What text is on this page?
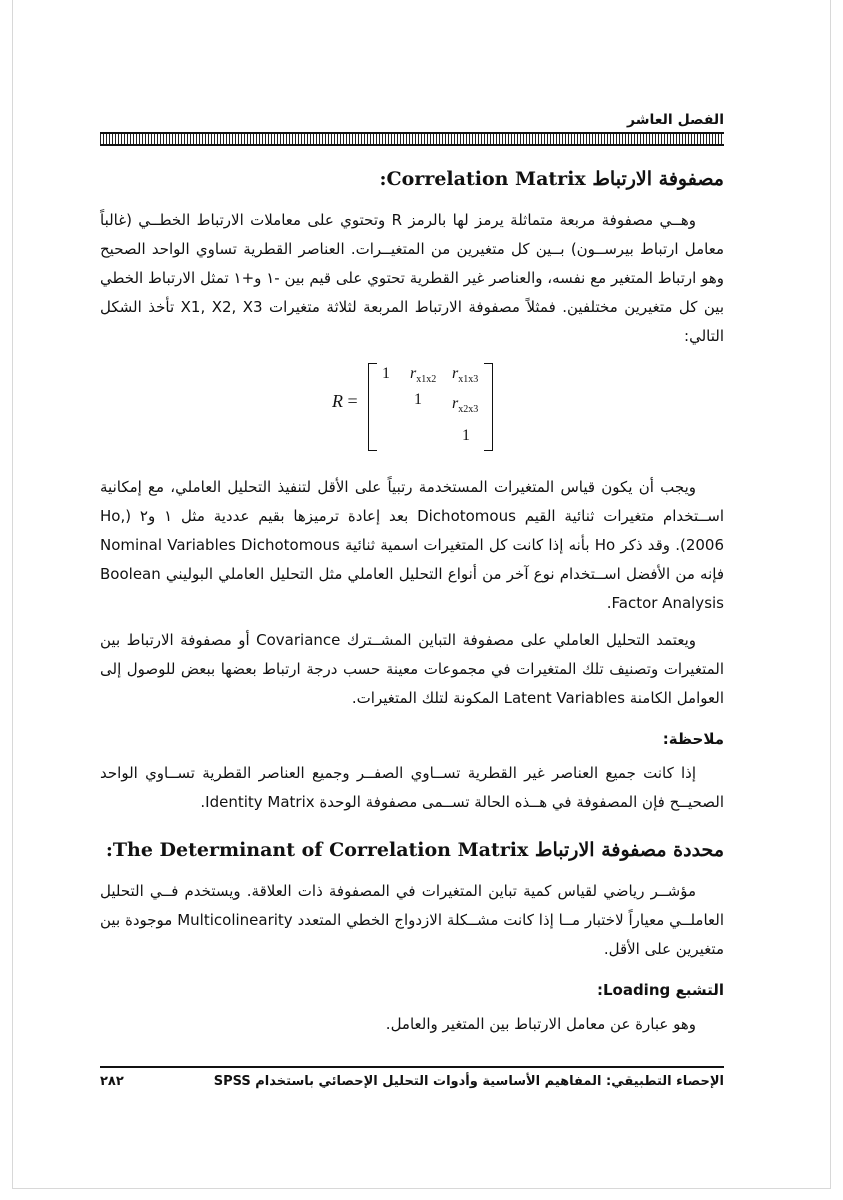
الفصل العاشر
مصفوفة الارتباط Correlation Matrix:

وهــي مصفوفة مربعة متماثلة يرمز لها بالرمز R وتحتوي على معاملات الارتباط الخطــي (غالباً معامل ارتباط بيرســون) بــين كل متغيرين من المتغيــرات. العناصر القطرية تساوي الواحد الصحيح وهو ارتباط المتغير مع نفسه، والعناصر غير القطرية تحتوي على قيم بين -١ و+١ تمثل الارتباط الخطي بين كل متغيرين مختلفين. فمثلاً مصفوفة الارتباط المربعة لثلاثة متغيرات X1, X2, X3 تأخذ الشكل التالي:

R =
1 $r_{x1x2}$ $r_{x1x3}$
1 $r_{x2x3}$
1

ويجب أن يكون قياس المتغيرات المستخدمة رتبياً على الأقل لتنفيذ التحليل العاملي، مع إمكانية اســتخدام متغيرات ثنائية القيم Dichotomous بعد إعادة ترميزها بقيم عددية مثل ١ و٢ (Ho, 2006). وقد ذكر Ho بأنه إذا كانت كل المتغيرات اسمية ثنائية Nominal Variables Dichotomous فإنه من الأفضل اســتخدام نوع آخر من أنواع التحليل العاملي مثل التحليل العاملي البوليني Boolean Factor Analysis.

ويعتمد التحليل العاملي على مصفوفة التباين المشــترك Covariance أو مصفوفة الارتباط بين المتغيرات وتصنيف تلك المتغيرات في مجموعات معينة حسب درجة ارتباط بعضها ببعض للوصول إلى العوامل الكامنة Latent Variables المكونة لتلك المتغيرات.

ملاحظة:

إذا كانت جميع العناصر غير القطرية تســاوي الصفــر وجميع العناصر القطرية تســاوي الواحد الصحيــح فإن المصفوفة في هــذه الحالة تســمى مصفوفة الوحدة Identity Matrix.

محددة مصفوفة الارتباط The Determinant of Correlation Matrix:

مؤشــر رياضي لقياس كمية تباين المتغيرات في المصفوفة ذات العلاقة. ويستخدم فــي التحليل العاملــي معياراً لاختبار مــا إذا كانت مشــكلة الازدواج الخطي المتعدد Multicolinearity موجودة بين متغيرين على الأقل.

التشبع Loading:

وهو عبارة عن معامل الارتباط بين المتغير والعامل.

الإحصاء التطبيقي: المفاهيم الأساسية وأدوات التحليل الإحصائي باستخدام SPSS
٢٨٢
